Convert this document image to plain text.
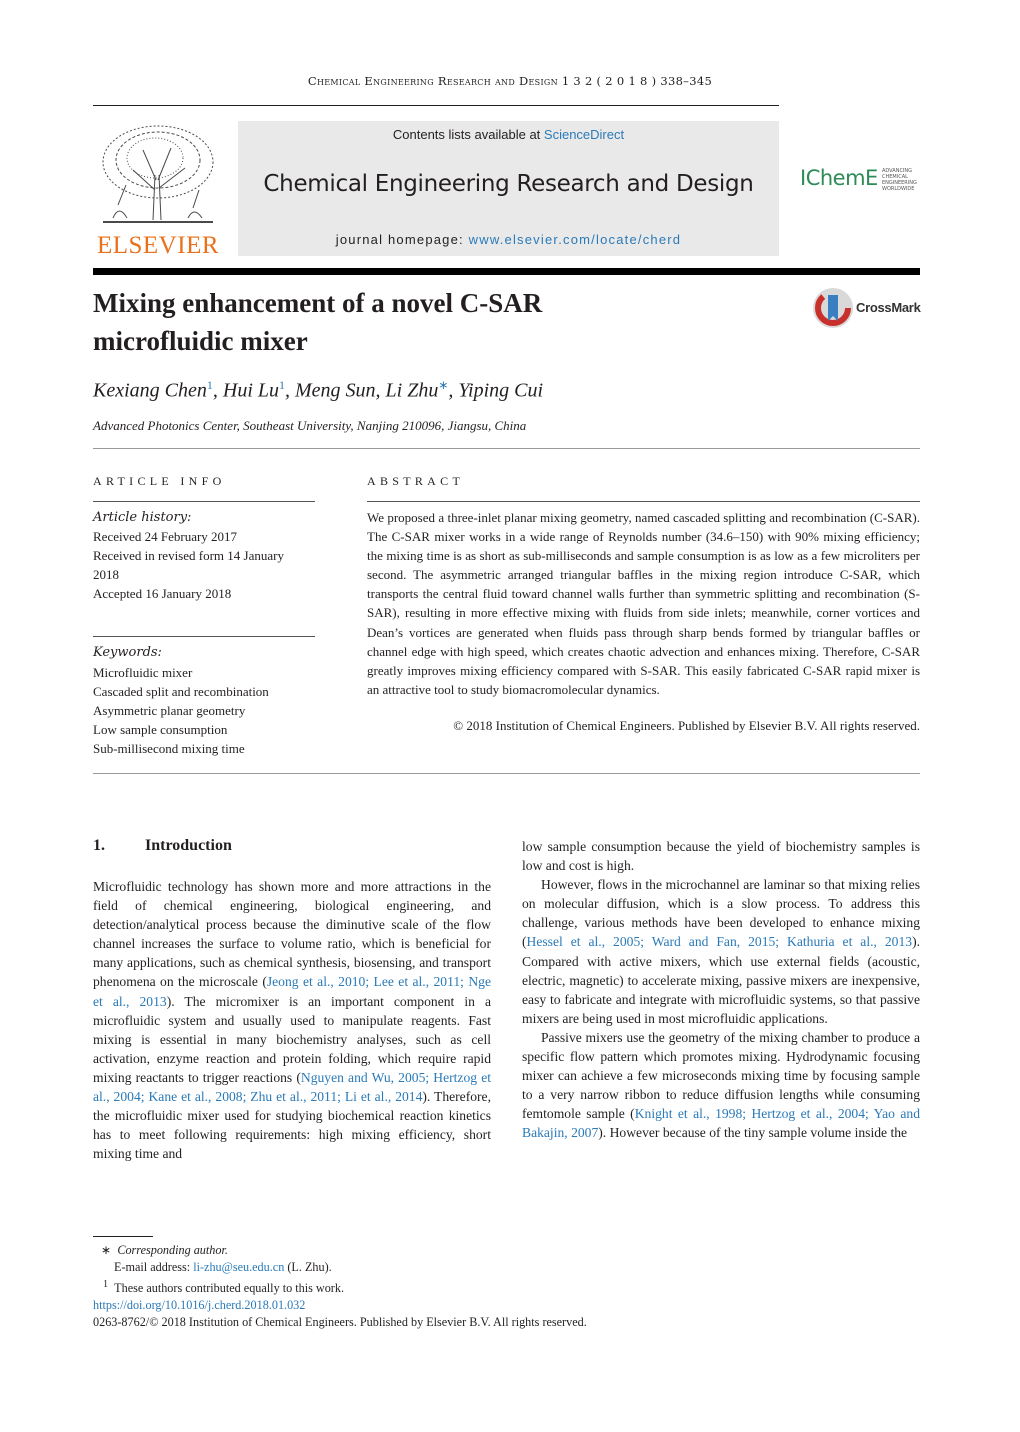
Chemical Engineering Research and Design 1 3 2 ( 2 0 1 8 ) 338–345
ELSEVIER
Contents lists available at ScienceDirect
Chemical Engineering Research and Design
journal homepage: www.elsevier.com/locate/cherd
IChemE ADVANCING
CHEMICAL
ENGINEERING
WORLDWIDE
Mixing enhancement of a novel C-SAR
microfluidic mixer
CrossMark
Kexiang Chen$^1$, Hui Lu$^1$, Meng Sun, Li Zhu∗, Yiping Cui
Advanced Photonics Center, Southeast University, Nanjing 210096, Jiangsu, China
ARTICLE INFO
Article history:
Received 24 February 2017
Received in revised form 14 January
2018
Accepted 16 January 2018
Keywords:
Microfluidic mixer
Cascaded split and recombination
Asymmetric planar geometry
Low sample consumption
Sub-millisecond mixing time
ABSTRACT
We proposed a three-inlet planar mixing geometry, named cascaded splitting and recombination (C-SAR). The C-SAR mixer works in a wide range of Reynolds number (34.6–150) with 90% mixing efficiency; the mixing time is as short as sub-milliseconds and sample consumption is as low as a few microliters per second. The asymmetric arranged triangular baffles in the mixing region introduce C-SAR, which transports the central fluid toward channel walls further than symmetric splitting and recombination (S-SAR), resulting in more effective mixing with fluids from side inlets; meanwhile, corner vortices and Dean’s vortices are generated when fluids pass through sharp bends formed by triangular baffles or channel edge with high speed, which creates chaotic advection and enhances mixing. Therefore, C-SAR greatly improves mixing efficiency compared with S-SAR. This easily fabricated C-SAR rapid mixer is an attractive tool to study biomacromolecular dynamics.
© 2018 Institution of Chemical Engineers. Published by Elsevier B.V. All rights reserved.
1.	Introduction

Microfluidic technology has shown more and more attractions in the field of chemical engineering, biological engineering, and detection/analytical process because the diminutive scale of the flow channel increases the surface to volume ratio, which is beneficial for many applications, such as chemical synthesis, biosensing, and transport phenomena on the microscale (Jeong et al., 2010; Lee et al., 2011; Nge et al., 2013). The micromixer is an important component in a microfluidic system and usually used to manipulate reagents. Fast mixing is essential in many biochemistry analyses, such as cell activation, enzyme reaction and protein folding, which require rapid mixing reactants to trigger reactions (Nguyen and Wu, 2005; Hertzog et al., 2004; Kane et al., 2008; Zhu et al., 2011; Li et al., 2014). Therefore, the microfluidic mixer used for studying biochemical reaction kinetics has to meet following requirements: high mixing efficiency, short mixing time and

low sample consumption because the yield of biochemistry samples is low and cost is high.

However, flows in the microchannel are laminar so that mixing relies on molecular diffusion, which is a slow process. To address this challenge, various methods have been developed to enhance mixing (Hessel et al., 2005; Ward and Fan, 2015; Kathuria et al., 2013). Compared with active mixers, which use external fields (acoustic, electric, magnetic) to accelerate mixing, passive mixers are inexpensive, easy to fabricate and integrate with microfluidic systems, so that passive mixers are being used in most microfluidic applications.

Passive mixers use the geometry of the mixing chamber to produce a specific flow pattern which promotes mixing. Hydrodynamic focusing mixer can achieve a few microseconds mixing time by focusing sample to a very narrow ribbon to reduce diffusion lengths while consuming femtomole sample (Knight et al., 1998; Hertzog et al., 2004; Yao and Bakajin, 2007). However because of the tiny sample volume inside the

∗ Corresponding author.
E-mail address: li-zhu@seu.edu.cn (L. Zhu).
$^1$ These authors contributed equally to this work.
https://doi.org/10.1016/j.cherd.2018.01.032
0263-8762/© 2018 Institution of Chemical Engineers. Published by Elsevier B.V. All rights reserved.
